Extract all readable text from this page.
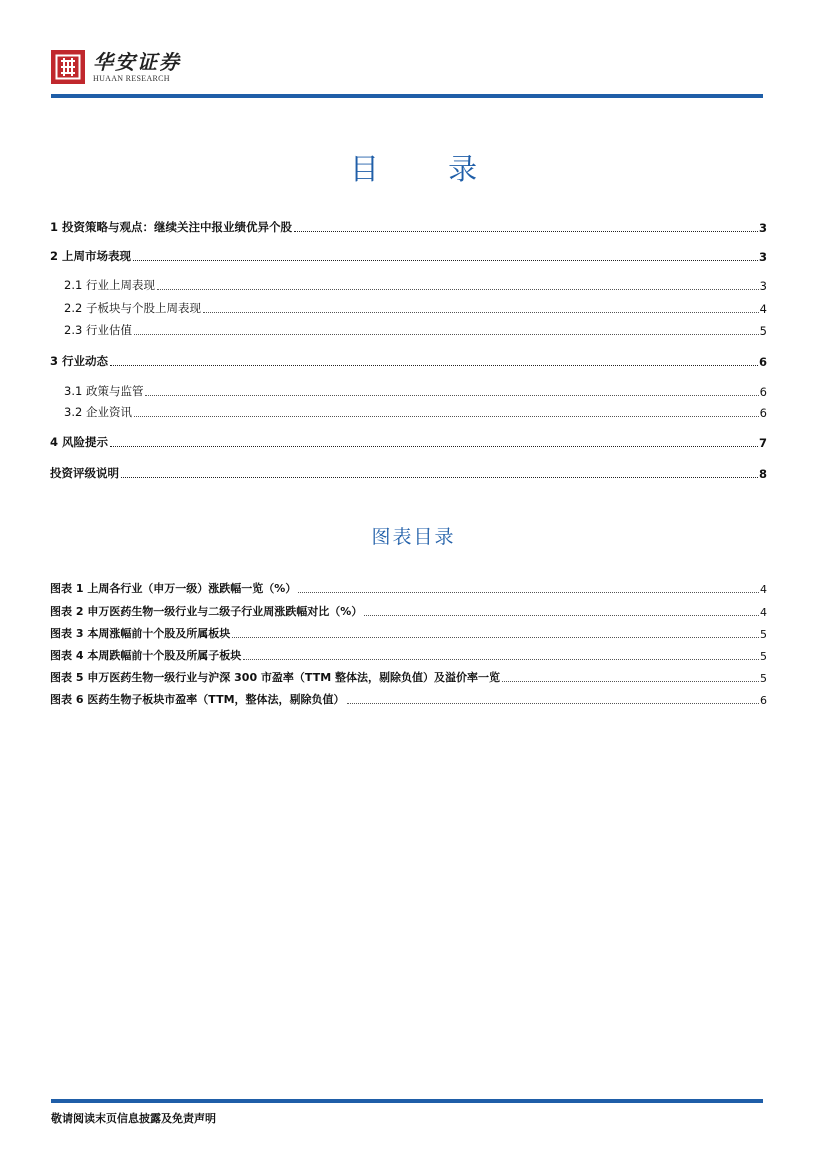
华安证券
HUAAN RESEARCH
目 录
1 投资策略与观点：继续关注中报业绩优异个股	3
2 上周市场表现	3
2.1 行业上周表现	3
2.2 子板块与个股上周表现	4
2.3 行业估值	5
3 行业动态	6
3.1 政策与监管	6
3.2 企业资讯	6
4 风险提示	7
投资评级说明	8
图表目录
图表 1 上周各行业（申万一级）涨跌幅一览（%）	4
图表 2 申万医药生物一级行业与二级子行业周涨跌幅对比（%）	4
图表 3 本周涨幅前十个股及所属板块	5
图表 4 本周跌幅前十个股及所属子板块	5
图表 5 申万医药生物一级行业与沪深 300 市盈率（TTM 整体法，剔除负值）及溢价率一览	5
图表 6 医药生物子板块市盈率（TTM，整体法，剔除负值）	6
敬请阅读末页信息披露及免责声明
